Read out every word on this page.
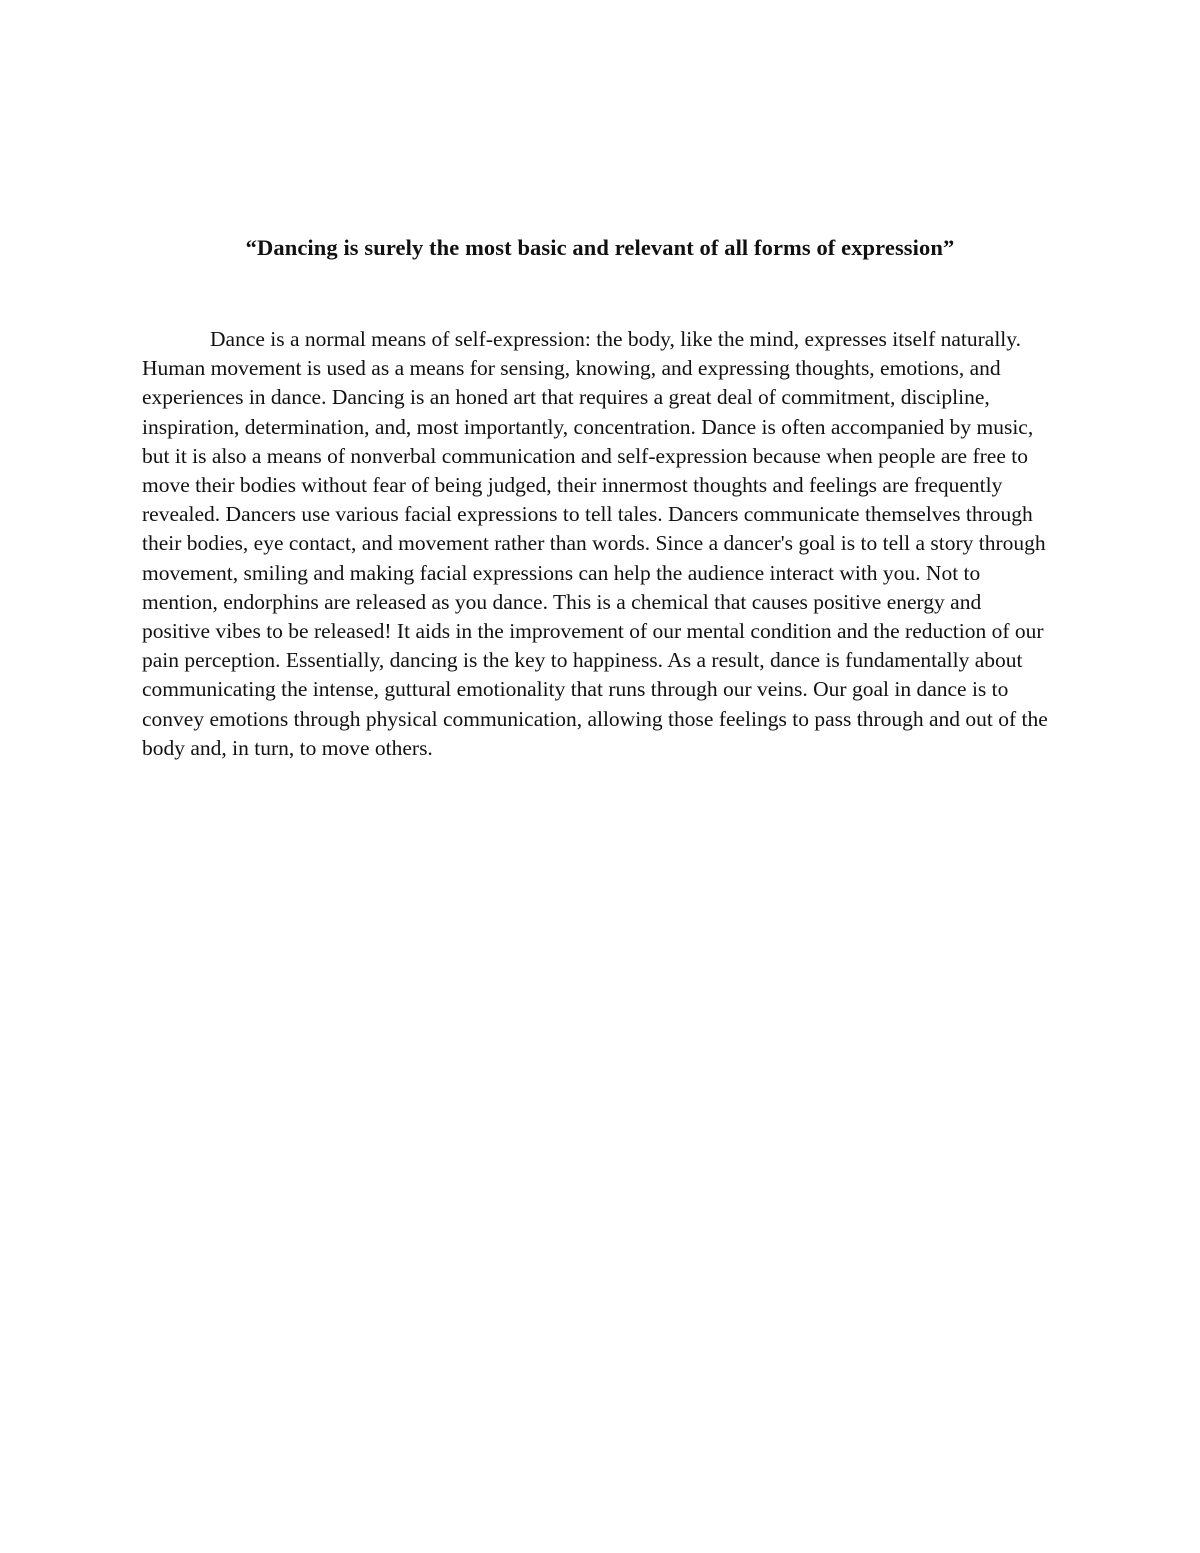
“Dancing is surely the most basic and relevant of all forms of expression”

Dance is a normal means of self-expression: the body, like the mind, expresses itself naturally. Human movement is used as a means for sensing, knowing, and expressing thoughts, emotions, and experiences in dance. Dancing is an honed art that requires a great deal of commitment, discipline, inspiration, determination, and, most importantly, concentration. Dance is often accompanied by music, but it is also a means of nonverbal communication and self-expression because when people are free to move their bodies without fear of being judged, their innermost thoughts and feelings are frequently revealed. Dancers use various facial expressions to tell tales. Dancers communicate themselves through their bodies, eye contact, and movement rather than words. Since a dancer's goal is to tell a story through movement, smiling and making facial expressions can help the audience interact with you. Not to mention, endorphins are released as you dance. This is a chemical that causes positive energy and positive vibes to be released! It aids in the improvement of our mental condition and the reduction of our pain perception. Essentially, dancing is the key to happiness. As a result, dance is fundamentally about communicating the intense, guttural emotionality that runs through our veins. Our goal in dance is to convey emotions through physical communication, allowing those feelings to pass through and out of the body and, in turn, to move others.
